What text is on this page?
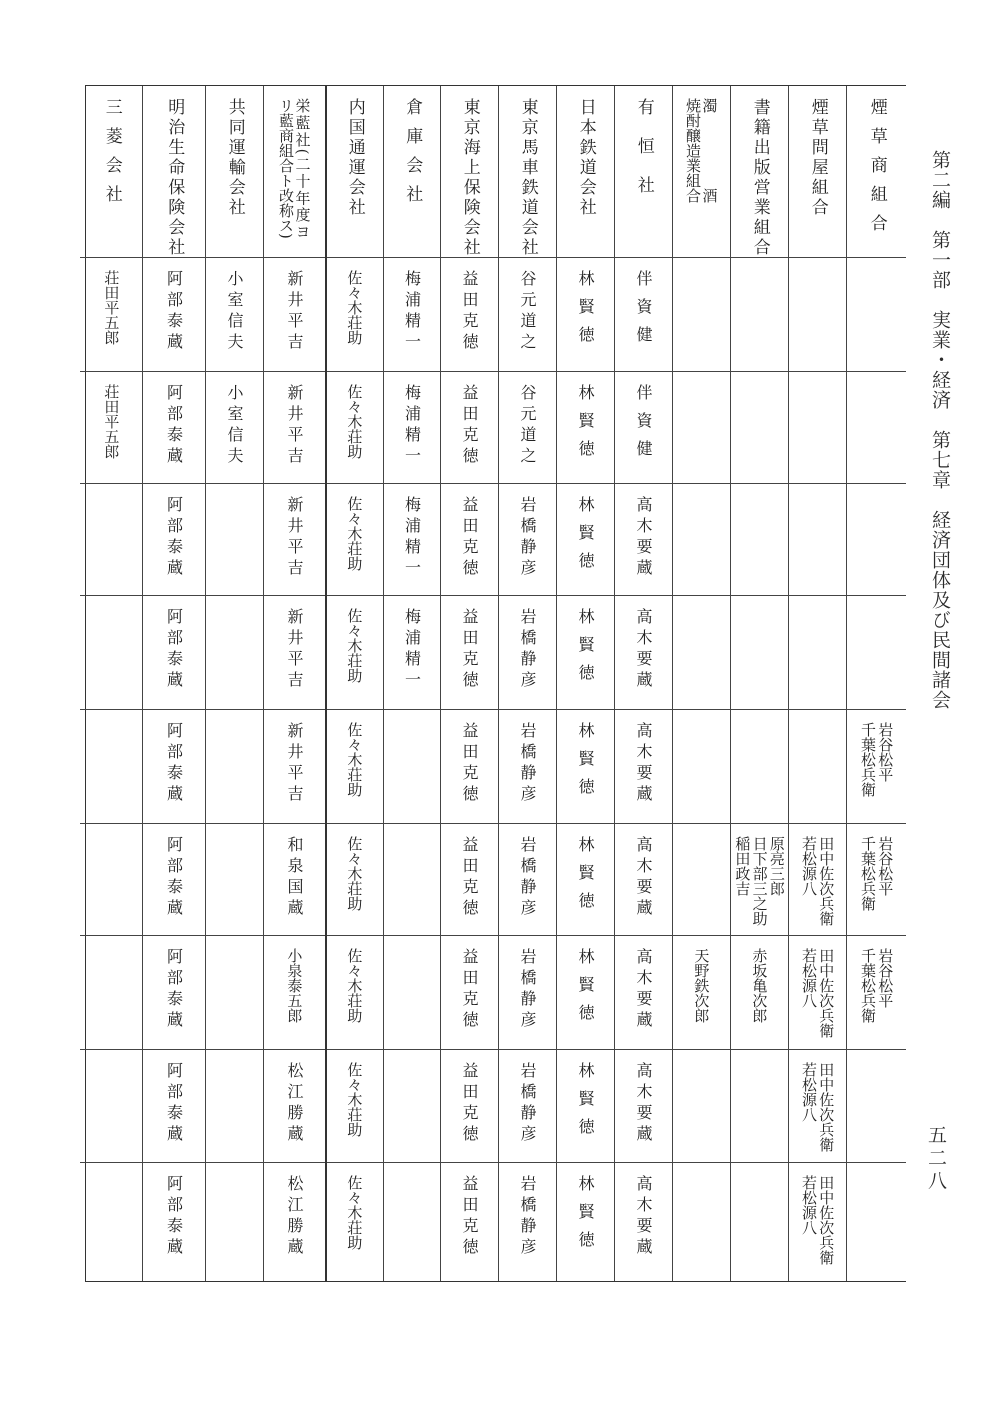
第二編　第一部　実業・経済　第七章　経済団体及び民間諸会
五二八
煙草商組合
岩谷松平
千葉松兵衛
岩谷松平
千葉松兵衛
岩谷松平
千葉松兵衛
煙草問屋組合
田中佐次兵衛
若松源八
田中佐次兵衛
若松源八
田中佐次兵衛
若松源八
田中佐次兵衛
若松源八
書籍出版営業組合
原亮三郎
日下部三之助
稲田政吉
赤坂亀次郎
濁酒
焼酎醸造業組合
天野鉄次郎
有恒社
伴資健
伴資健
高木要蔵
高木要蔵
高木要蔵
高木要蔵
高木要蔵
高木要蔵
高木要蔵
日本鉄道会社
林賢徳
林賢徳
林賢徳
林賢徳
林賢徳
林賢徳
林賢徳
林賢徳
林賢徳
東京馬車鉄道会社
谷元道之
谷元道之
岩橋静彦
岩橋静彦
岩橋静彦
岩橋静彦
岩橋静彦
岩橋静彦
岩橋静彦
東京海上保険会社
益田克徳
益田克徳
益田克徳
益田克徳
益田克徳
益田克徳
益田克徳
益田克徳
益田克徳
倉庫会社
梅浦精一
梅浦精一
梅浦精一
梅浦精一
内国通運会社
佐々木荘助
佐々木荘助
佐々木荘助
佐々木荘助
佐々木荘助
佐々木荘助
佐々木荘助
佐々木荘助
佐々木荘助
栄藍社(二十年度ヨ
リ藍商組合ト改称ス)
新井平吉
新井平吉
新井平吉
新井平吉
新井平吉
和泉国蔵
小泉泰五郎
松江勝蔵
松江勝蔵
共同運輸会社
小室信夫
小室信夫
明治生命保険会社
阿部泰蔵
阿部泰蔵
阿部泰蔵
阿部泰蔵
阿部泰蔵
阿部泰蔵
阿部泰蔵
阿部泰蔵
阿部泰蔵
三菱会社
荘田平五郎
荘田平五郎
